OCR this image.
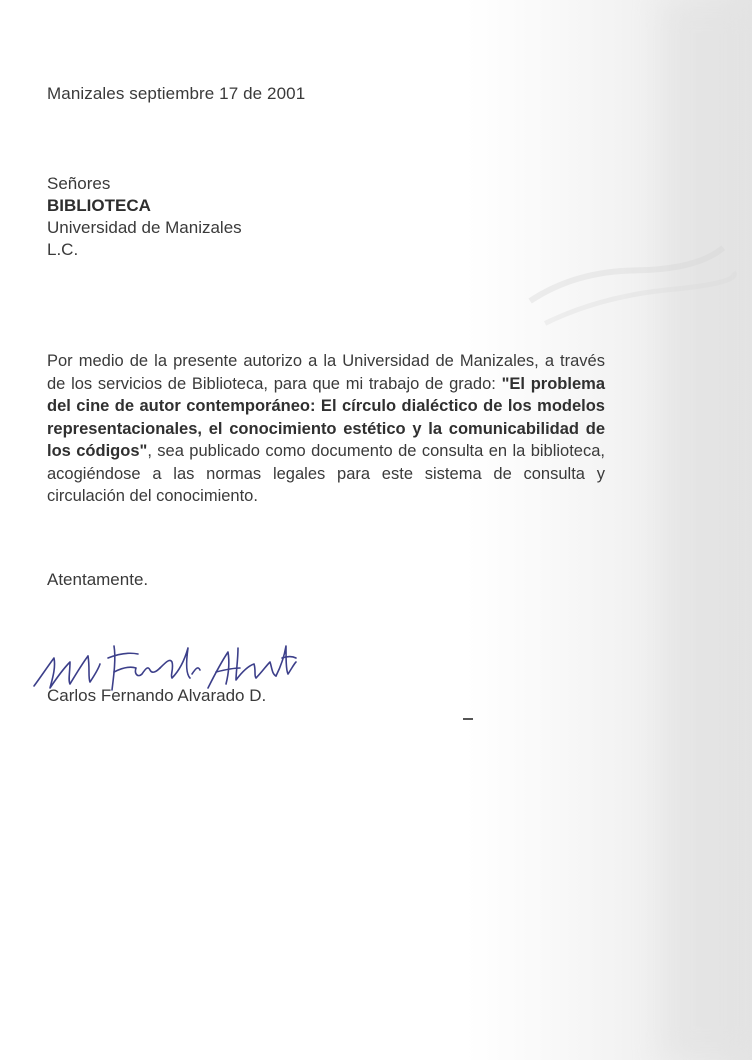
Manizales septiembre 17 de 2001
Señores
BIBLIOTECA
Universidad de Manizales
L.C.
Por medio de la presente autorizo a la Universidad de Manizales, a través de los servicios de Biblioteca, para que mi trabajo de grado: "El problema del cine de autor contemporáneo: El círculo dialéctico de los modelos representacionales, el conocimiento estético y la comunicabilidad de los códigos", sea publicado como documento de consulta en la biblioteca, acogiéndose a las normas legales para este sistema de consulta y circulación del conocimiento.
Atentamente.
Carlos Fernando Alvarado D.
